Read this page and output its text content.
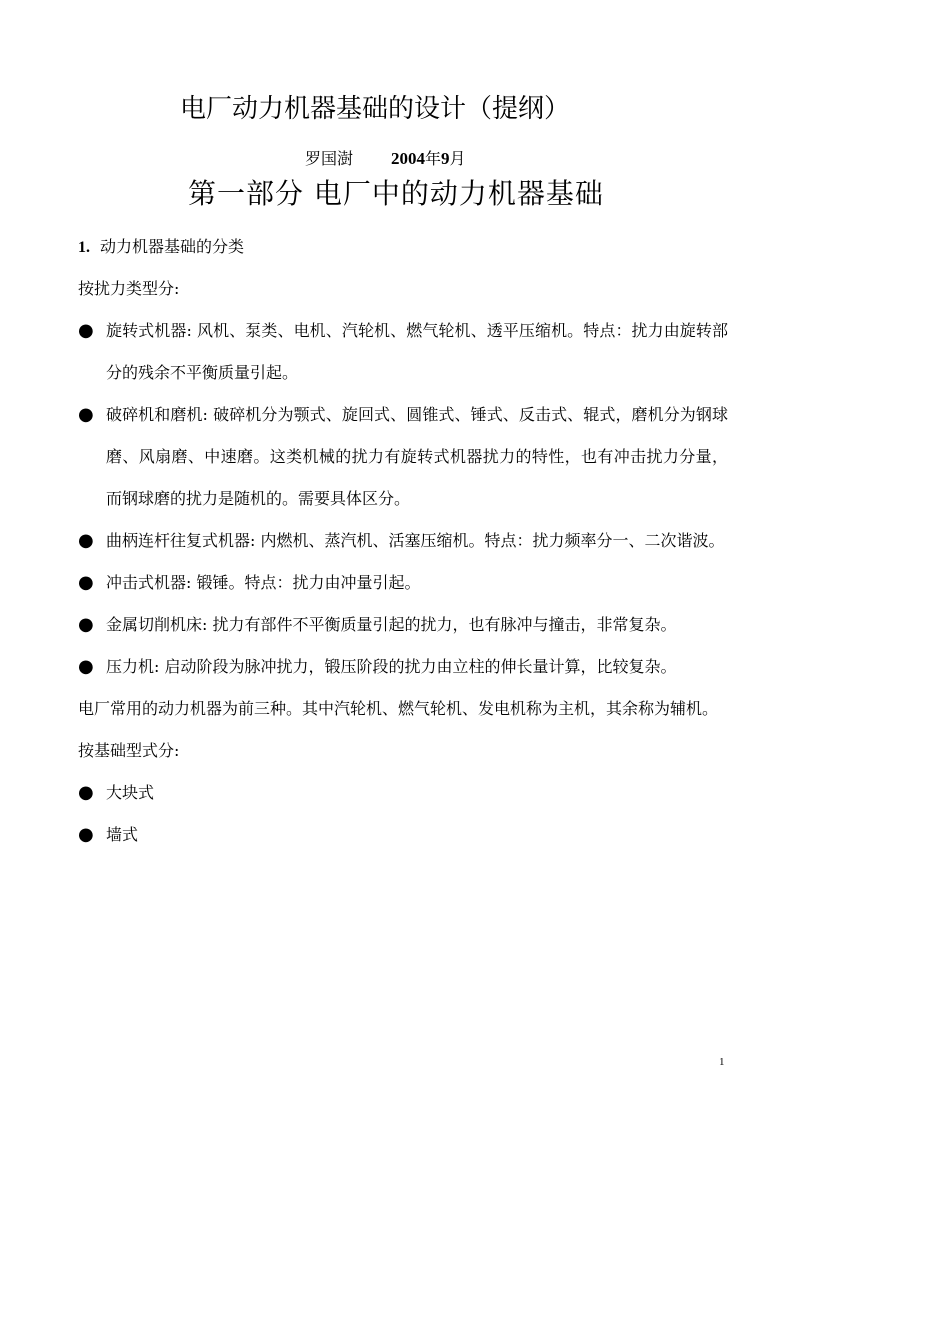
电厂动力机器基础的设计（提纲）
罗国澍 2004年9月
第一部分 电厂中的动力机器基础
1. 动力机器基础的分类
按扰力类型分:
● 旋转式机器: 风机、泵类、电机、汽轮机、燃气轮机、透平压缩机。特点：扰力由旋转部分的残余不平衡质量引起。
● 破碎机和磨机: 破碎机分为颚式、旋回式、圆锥式、锤式、反击式、辊式，磨机分为钢球磨、风扇磨、中速磨。这类机械的扰力有旋转式机器扰力的特性，也有冲击扰力分量，而钢球磨的扰力是随机的。需要具体区分。
● 曲柄连杆往复式机器: 内燃机、蒸汽机、活塞压缩机。特点：扰力频率分一、二次谐波。
● 冲击式机器: 锻锤。特点：扰力由冲量引起。
● 金属切削机床: 扰力有部件不平衡质量引起的扰力，也有脉冲与撞击，非常复杂。
● 压力机: 启动阶段为脉冲扰力，锻压阶段的扰力由立柱的伸长量计算，比较复杂。
电厂常用的动力机器为前三种。其中汽轮机、燃气轮机、发电机称为主机，其余称为辅机。
按基础型式分:
● 大块式
● 墙式
1
